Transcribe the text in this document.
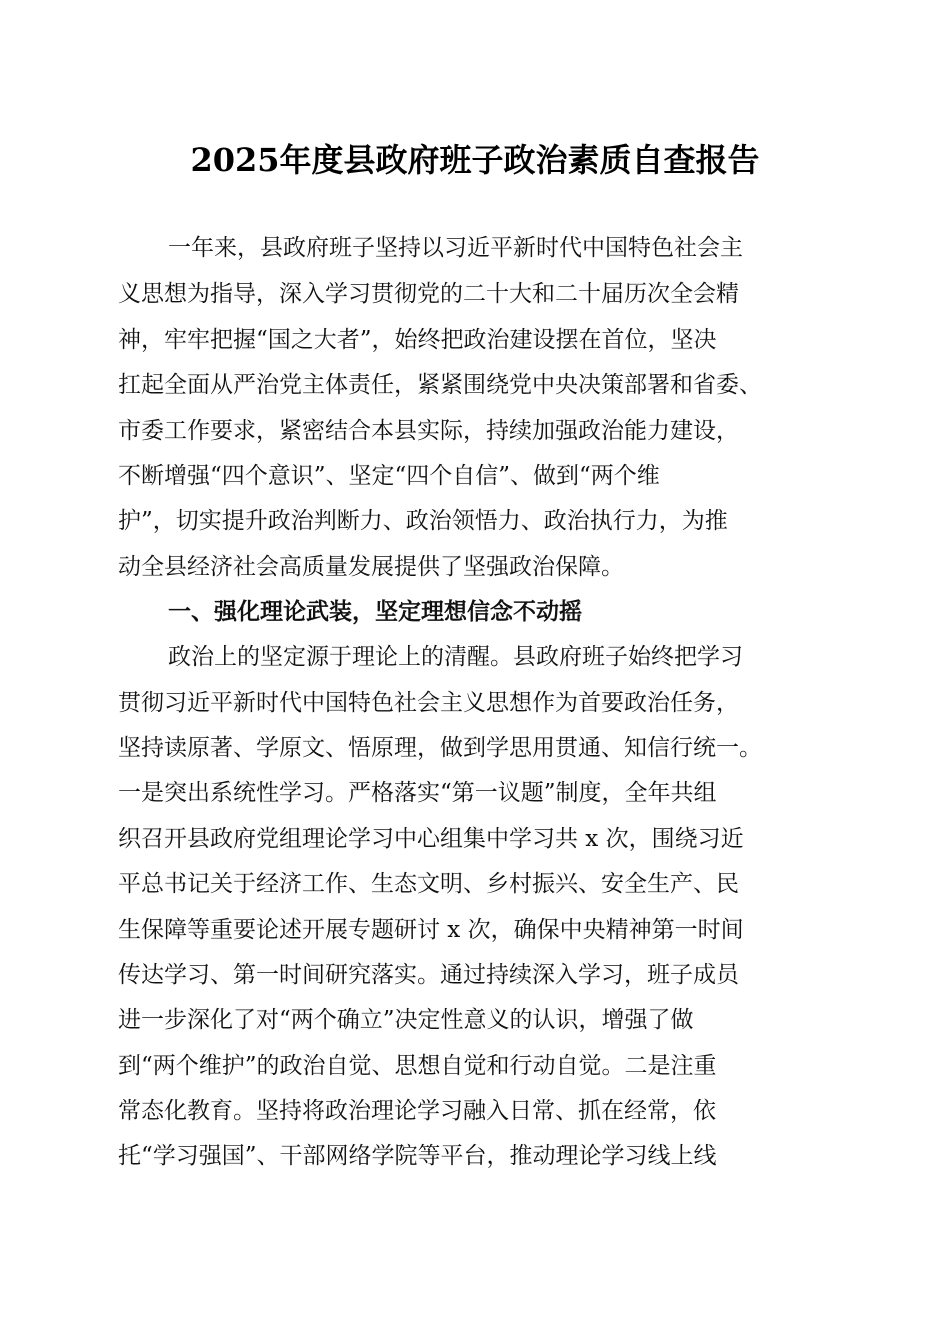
2025年度县政府班子政治素质自查报告
一年来，县政府班子坚持以习近平新时代中国特色社会主
义思想为指导，深入学习贯彻党的二十大和二十届历次全会精
神，牢牢把握“国之大者”，始终把政治建设摆在首位，坚决
扛起全面从严治党主体责任，紧紧围绕党中央决策部署和省委、
市委工作要求，紧密结合本县实际，持续加强政治能力建设，
不断增强“四个意识”、坚定“四个自信”、做到“两个维
护”，切实提升政治判断力、政治领悟力、政治执行力，为推
动全县经济社会高质量发展提供了坚强政治保障。
一、强化理论武装，坚定理想信念不动摇
政治上的坚定源于理论上的清醒。县政府班子始终把学习
贯彻习近平新时代中国特色社会主义思想作为首要政治任务，
坚持读原著、学原文、悟原理，做到学思用贯通、知信行统一。
一是突出系统性学习。严格落实“第一议题”制度，全年共组
织召开县政府党组理论学习中心组集中学习共 x 次，围绕习近
平总书记关于经济工作、生态文明、乡村振兴、安全生产、民
生保障等重要论述开展专题研讨 x 次，确保中央精神第一时间
传达学习、第一时间研究落实。通过持续深入学习，班子成员
进一步深化了对“两个确立”决定性意义的认识，增强了做
到“两个维护”的政治自觉、思想自觉和行动自觉。二是注重
常态化教育。坚持将政治理论学习融入日常、抓在经常，依
托“学习强国”、干部网络学院等平台，推动理论学习线上线
